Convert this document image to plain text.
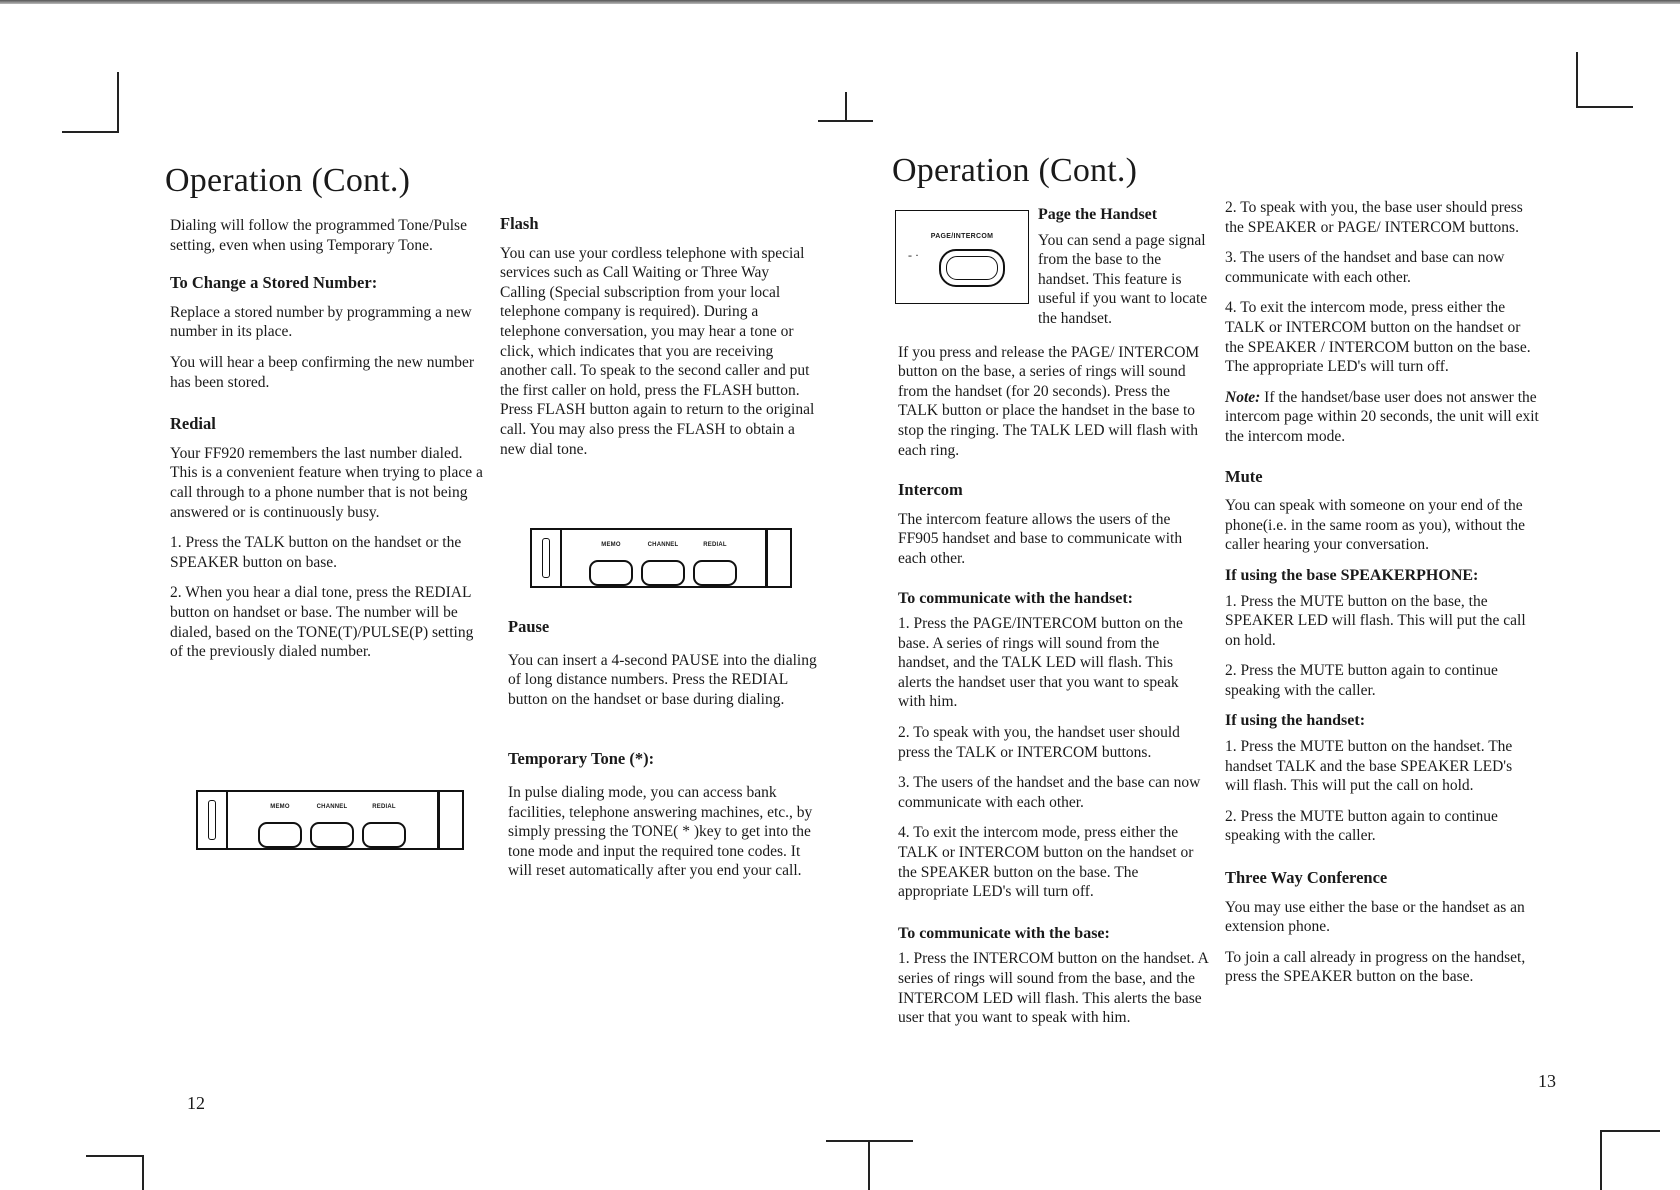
Operation (Cont.)

Dialing will follow the programmed Tone/Pulse setting, even when using Temporary Tone.

To Change a Stored Number:

Replace a stored number by programming a new number in its place.

You will hear a beep confirming the new number has been stored.

Redial

Your FF920 remembers the last number dialed. This is a convenient feature when trying to place a call through to a phone number that is not being answered or is continuously busy.

1. Press the TALK button on the handset or the SPEAKER button on base.

2. When you hear a dial tone, press the REDIAL button on handset or base. The number will be dialed, based on the TONE(T)/PULSE(P) setting of the previously dialed number.

MEMO	CHANNEL	REDIAL
Flash

You can use your cordless telephone with special services such as Call Waiting or Three Way Calling (Special subscription from your local telephone company is required). During a telephone conversation, you may hear a tone or click, which indicates that you are receiving another call. To speak to the second caller and put the first caller on hold, press the FLASH button. Press FLASH button again to return to the original call. You may also press the FLASH to obtain a new dial tone.

MEMO	CHANNEL	REDIAL
Pause

You can insert a 4-second PAUSE into the dialing of long distance numbers. Press the REDIAL button on the handset or base during dialing.

Temporary Tone (*):

In pulse dialing mode, you can access bank facilities, telephone answering machines, etc., by simply pressing the TONE( * )key to get into the tone mode and input the required tone codes. It will reset automatically after you end your call.

12
Operation (Cont.)
PAGE/INTERCOM
- ·
Page the Handset

You can send a page signal from the base to the handset. This feature is useful if you want to locate the handset.

If you press and release the PAGE/ INTERCOM button on the base, a series of rings will sound from the handset (for 20 seconds). Press the TALK button or place the handset in the base to stop the ringing. The TALK LED will flash with each ring.

Intercom

The intercom feature allows the users of the FF905 handset and base to communicate with each other.

To communicate with the handset:

1. Press the PAGE/INTERCOM button on the base. A series of rings will sound from the handset, and the TALK LED will flash. This alerts the handset user that you want to speak with him.

2. To speak with you, the handset user should press the TALK or INTERCOM buttons.

3. The users of the handset and the base can now communicate with each other.

4. To exit the intercom mode, press either the TALK or INTERCOM button on the handset or the SPEAKER button on the base. The appropriate LED's will turn off.

To communicate with the base:

1. Press the INTERCOM button on the handset. A series of rings will sound from the base, and the INTERCOM LED will flash. This alerts the base user that you want to speak with him.

2. To speak with you, the base user should press the SPEAKER or PAGE/ INTERCOM buttons.

3. The users of the handset and base can now communicate with each other.

4. To exit the intercom mode, press either the TALK or INTERCOM button on the handset or the SPEAKER / INTERCOM button on the base. The appropriate LED's will turn off.

Note: If the handset/base user does not answer the intercom page within 20 seconds, the unit will exit the intercom mode.

Mute

You can speak with someone on your end of the phone(i.e. in the same room as you), without the caller hearing your conversation.

If using the base SPEAKERPHONE:

1. Press the MUTE button on the base, the SPEAKER LED will flash. This will put the call on hold.

2. Press the MUTE button again to continue speaking with the caller.

If using the handset:

1. Press the MUTE button on the handset. The handset TALK and the base SPEAKER LED's will flash. This will put the call on hold.

2. Press the MUTE button again to continue speaking with the caller.

Three Way Conference

You may use either the base or the handset as an extension phone.

To join a call already in progress on the handset, press the SPEAKER button on the base.

13
